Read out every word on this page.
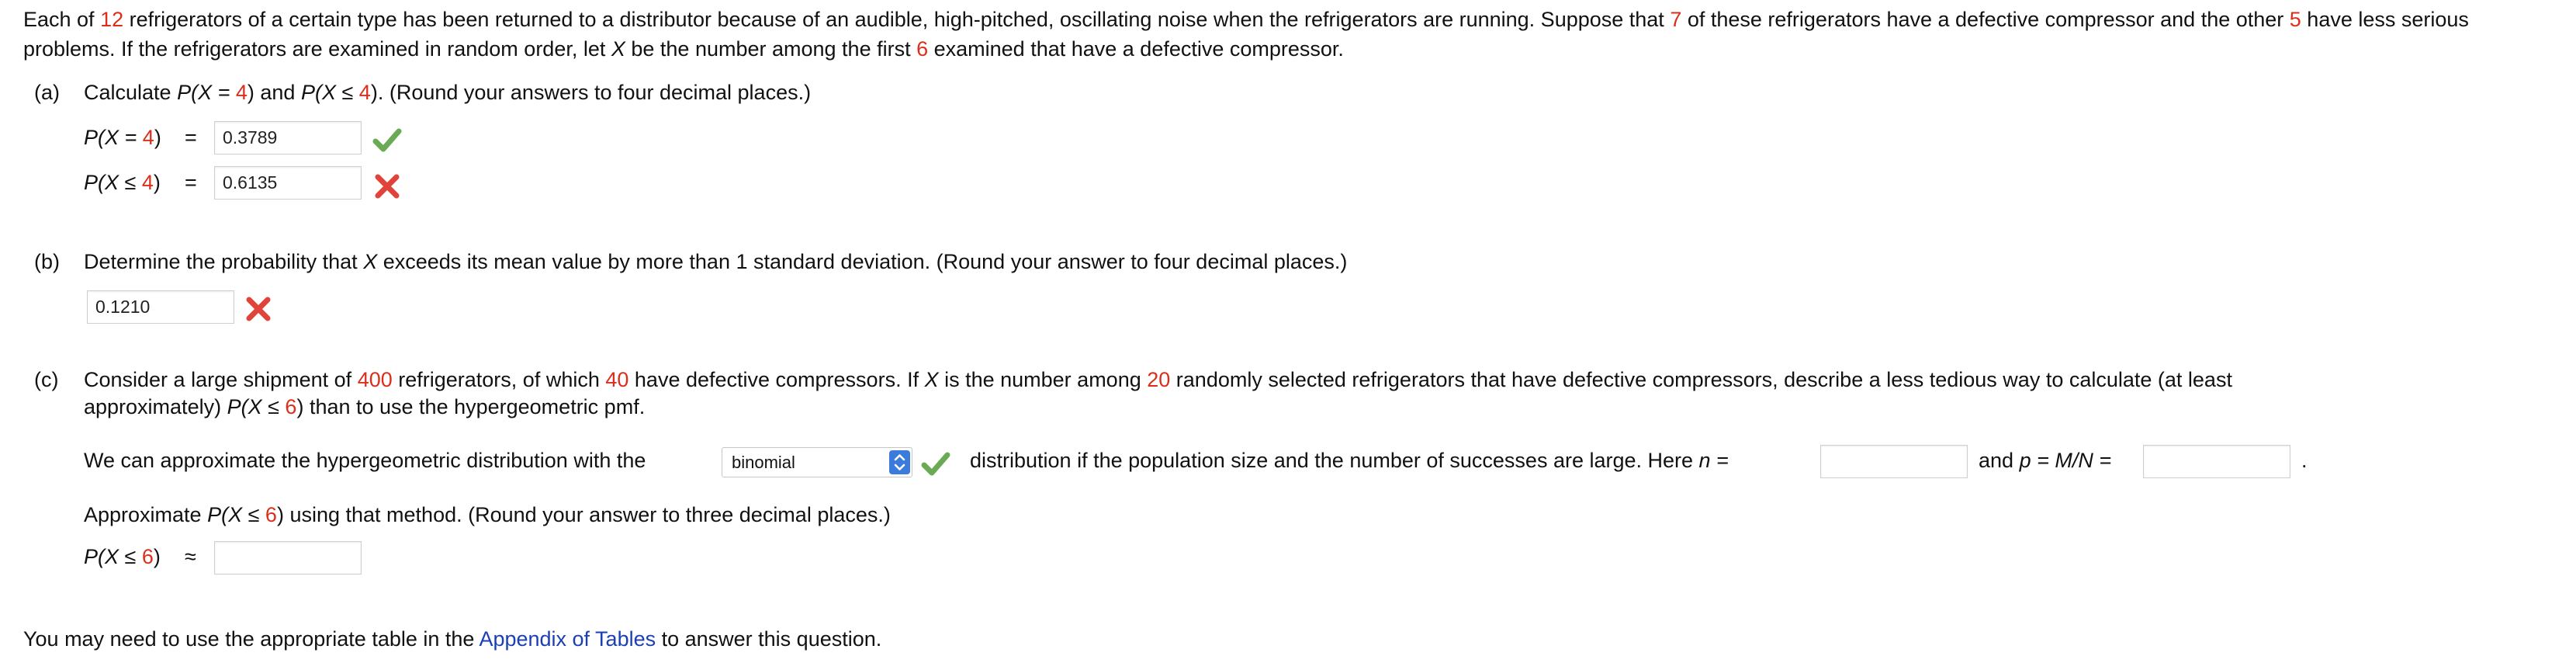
Each of 12 refrigerators of a certain type has been returned to a distributor because of an audible, high-pitched, oscillating noise when the refrigerators are running. Suppose that 7 of these refrigerators have a defective compressor and the other 5 have less serious problems. If the refrigerators are examined in random order, let X be the number among the first 6 examined that have a defective compressor.
(a) Calculate P(X = 4) and P(X ≤ 4). (Round your answers to four decimal places.)
P(X = 4) =	0.3789
P(X ≤ 4) =	0.6135
(b) Determine the probability that X exceeds its mean value by more than 1 standard deviation. (Round your answer to four decimal places.)
0.1210
(c) Consider a large shipment of 400 refrigerators, of which 40 have defective compressors. If X is the number among 20 randomly selected refrigerators that have defective compressors, describe a less tedious way to calculate (at least
approximately) P(X ≤ 6) than to use the hypergeometric pmf.
We can approximate the hypergeometric distribution with the	binomial	distribution if the population size and the number of successes are large. Here n =	and p = M/N =	.
Approximate P(X ≤ 6) using that method. (Round your answer to three decimal places.)
P(X ≤ 6) ≈
You may need to use the appropriate table in the Appendix of Tables to answer this question.
